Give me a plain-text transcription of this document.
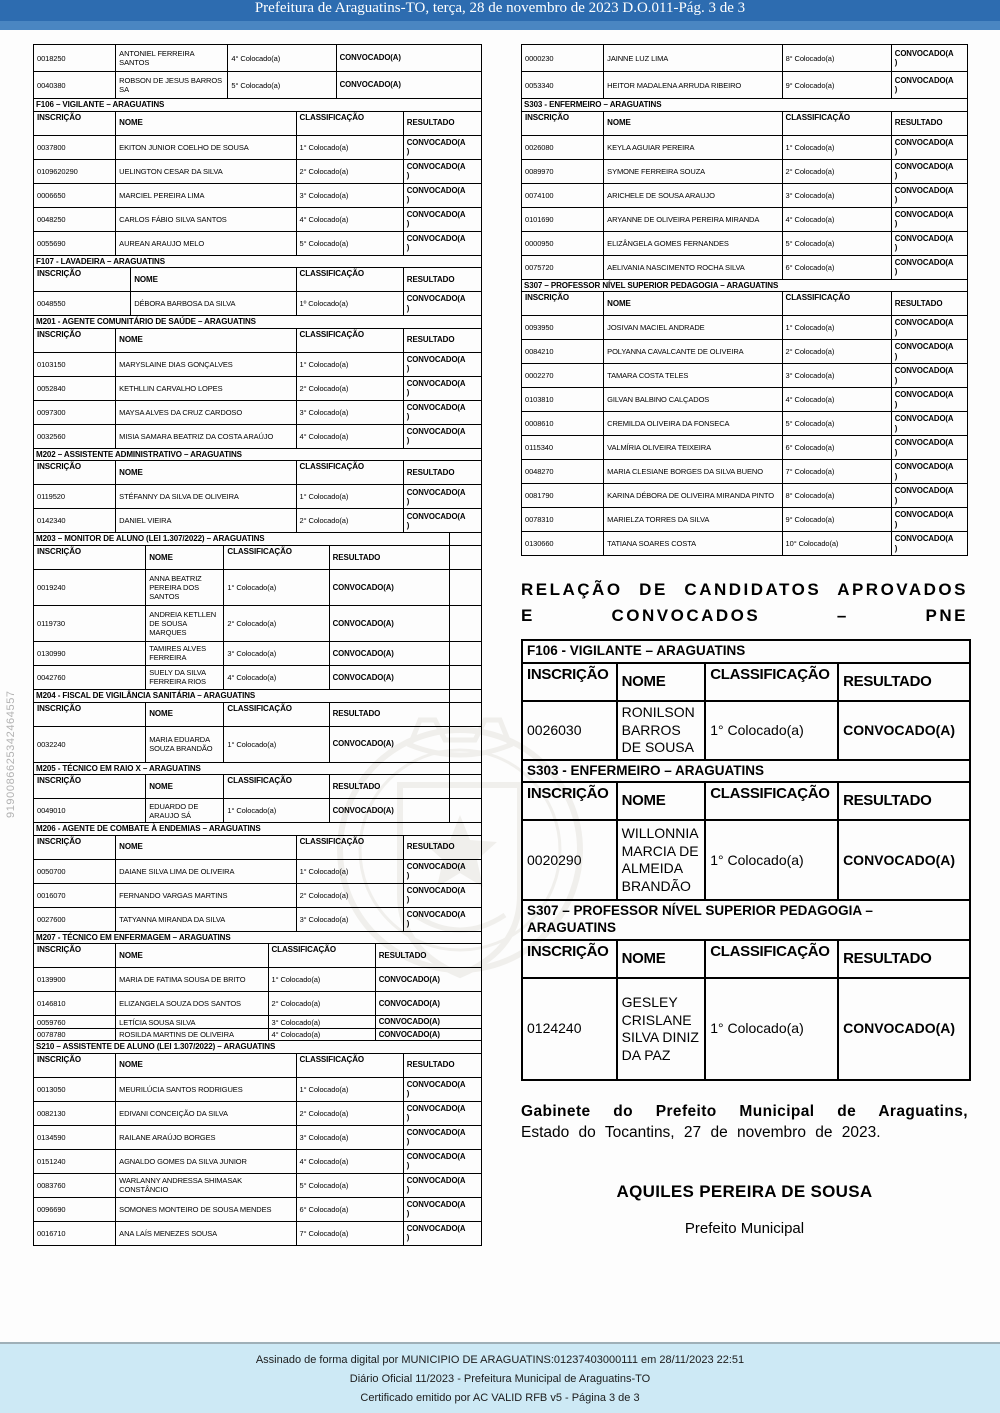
Prefeitura de Araguatins-TO, terça, 28 de novembro de 2023 D.O.011-Pág. 3 de 3
9190086625342464557
0018250	ANTONIEL FERREIRA SANTOS	4° Colocado(a)	CONVOCADO(A)
0040380	ROBSON DE JESUS BARROS SA	5° Colocado(a)	CONVOCADO(A)
F106 – VIGILANTE – ARAGUATINS			
INSCRIÇÃO	NOME	CLASSIFICAÇÃO	RESULTADO
0037800	EKITON JUNIOR COELHO DE SOUSA	1° Colocado(a)	CONVOCADO(A
)
0109620290	UELINGTON CESAR DA SILVA	2° Colocado(a)	CONVOCADO(A
)
0006650	MARCIEL PEREIRA LIMA	3° Colocado(a)	CONVOCADO(A
)
0048250	CARLOS FÁBIO SILVA SANTOS	4° Colocado(a)	CONVOCADO(A
)
0055690	AUREAN ARAUJO MELO	5° Colocado(a)	CONVOCADO(A
)
F107 - LAVADEIRA – ARAGUATINS			
INSCRIÇÃO	NOME	CLASSIFICAÇÃO	RESULTADO
0048550	DÉBORA BARBOSA DA SILVA	1º Colocado(a)	CONVOCADO(A
)
M201 - AGENTE COMUNITÁRIO DE SAÚDE – ARAGUATINS			
INSCRIÇÃO	NOME	CLASSIFICAÇÃO	RESULTADO
0103150	MARYSLAINE DIAS GONÇALVES	1° Colocado(a)	CONVOCADO(A
)
0052840	KETHLLIN CARVALHO LOPES	2° Colocado(a)	CONVOCADO(A
)
0097300	MAYSA ALVES DA CRUZ CARDOSO	3° Colocado(a)	CONVOCADO(A
)
0032560	MISIA SAMARA BEATRIZ DA COSTA ARAÚJO	4° Colocado(a)	CONVOCADO(A
)
M202 – ASSISTENTE ADMINISTRATIVO – ARAGUATINS			
INSCRIÇÃO	NOME	CLASSIFICAÇÃO	RESULTADO
0119520	STÉFANNY DA SILVA DE OLIVEIRA	1° Colocado(a)	CONVOCADO(A
)
0142340	DANIEL VIEIRA	2° Colocado(a)	CONVOCADO(A
)
M203 – MONITOR DE ALUNO (LEI 1.307/2022) – ARAGUATINS				
INSCRIÇÃO	NOME	CLASSIFICAÇÃO	RESULTADO	
0019240	ANNA BEATRIZ PEREIRA DOS SANTOS	1° Colocado(a)	CONVOCADO(A)	
0119730	ANDREIA KETLLEN DE SOUSA MARQUES	2° Colocado(a)	CONVOCADO(A)	
0130990	TAMIRES ALVES FERREIRA	3° Colocado(a)	CONVOCADO(A)	
0042760	SUELY DA SILVA FERREIRA RIOS	4° Colocado(a)	CONVOCADO(A)	
M204 - FISCAL DE VIGILÂNCIA SANITÁRIA – ARAGUATINS				
INSCRIÇÃO	NOME	CLASSIFICAÇÃO	RESULTADO	
0032240	MARIA EDUARDA SOUZA BRANDÃO	1° Colocado(a)	CONVOCADO(A)	
M205 - TÉCNICO EM RAIO X – ARAGUATINS				
INSCRIÇÃO	NOME	CLASSIFICAÇÃO	RESULTADO	
0049010	EDUARDO DE ARAUJO SÁ	1° Colocado(a)	CONVOCADO(A)	
M206 - AGENTE DE COMBATE À ENDEMIAS – ARAGUATINS			
INSCRIÇÃO	NOME	CLASSIFICAÇÃO	RESULTADO
0050700	DAIANE SILVA LIMA DE OLIVEIRA	1° Colocado(a)	CONVOCADO(A
)
0016070	FERNANDO VARGAS MARTINS	2° Colocado(a)	CONVOCADO(A
)
0027600	TATYANNA MIRANDA DA SILVA	3° Colocado(a)	CONVOCADO(A
)
M207 - TÉCNICO EM ENFERMAGEM – ARAGUATINS			
INSCRIÇÃO	NOME	CLASSIFICAÇÃO	RESULTADO
0139900	MARIA DE FATIMA SOUSA DE BRITO	1° Colocado(a)	CONVOCADO(A)
0146810	ELIZANGELA SOUZA DOS SANTOS	2° Colocado(a)	CONVOCADO(A)
0059760	LETÍCIA SOUSA SILVA	3° Colocado(a)	CONVOCADO(A)
0078780	ROSILDA MARTINS DE OLIVEIRA	4° Colocado(a)	CONVOCADO(A)
S210 – ASSISTENTE DE ALUNO (LEI 1.307/2022) – ARAGUATINS			
INSCRIÇÃO	NOME	CLASSIFICAÇÃO	RESULTADO
0013050	MEURILÚCIA SANTOS RODRIGUES	1° Colocado(a)	CONVOCADO(A
)
0082130	EDIVANI CONCEIÇÃO DA SILVA	2° Colocado(a)	CONVOCADO(A
)
0134590	RAILANE ARAÚJO BORGES	3° Colocado(a)	CONVOCADO(A
)
0151240	AGNALDO GOMES DA SILVA JUNIOR	4° Colocado(a)	CONVOCADO(A
)
0083760	WARLANNY ANDRESSA SHIMASAK CONSTÂNCIO	5° Colocado(a)	CONVOCADO(A
)
0096690	SOMONES MONTEIRO DE SOUSA MENDES	6° Colocado(a)	CONVOCADO(A
)
0016710	ANA LAÍS MENEZES SOUSA	7° Colocado(a)	CONVOCADO(A
)
0000230	JAINNE LUZ LIMA	8° Colocado(a)	CONVOCADO(A
)
0053340	HEITOR MADALENA ARRUDA RIBEIRO	9° Colocado(a)	CONVOCADO(A
)
S303 - ENFERMEIRO – ARAGUATINS			
INSCRIÇÃO	NOME	CLASSIFICAÇÃO	RESULTADO
0026080	KEYLA AGUIAR PEREIRA	1° Colocado(a)	CONVOCADO(A
)
0089970	SYMONE FERREIRA SOUZA	2° Colocado(a)	CONVOCADO(A
)
0074100	ARICHELE DE SOUSA ARAUJO	3° Colocado(a)	CONVOCADO(A
)
0101690	ARYANNE DE OLIVEIRA PEREIRA MIRANDA	4° Colocado(a)	CONVOCADO(A
)
0000950	ELIZÂNGELA GOMES FERNANDES	5° Colocado(a)	CONVOCADO(A
)
0075720	AELIVANIA NASCIMENTO ROCHA SILVA	6° Colocado(a)	CONVOCADO(A
)
S307 – PROFESSOR NÍVEL SUPERIOR PEDAGOGIA – ARAGUATINS			
INSCRIÇÃO	NOME	CLASSIFICAÇÃO	RESULTADO
0093950	JOSIVAN MACIEL ANDRADE	1° Colocado(a)	CONVOCADO(A
)
0084210	POLYANNA CAVALCANTE DE OLIVEIRA	2° Colocado(a)	CONVOCADO(A
)
0002270	TAMARA COSTA TELES	3° Colocado(a)	CONVOCADO(A
)
0103810	GILVAN BALBINO CALÇADOS	4° Colocado(a)	CONVOCADO(A
)
0008610	CREMILDA OLIVEIRA DA FONSECA	5° Colocado(a)	CONVOCADO(A
)
0115340	VALMÍRIA OLIVEIRA TEIXEIRA	6° Colocado(a)	CONVOCADO(A
)
0048270	MARIA CLESIANE BORGES DA SILVA BUENO	7° Colocado(a)	CONVOCADO(A
)
0081790	KARINA DÉBORA DE OLIVEIRA MIRANDA PINTO	8° Colocado(a)	CONVOCADO(A
)
0078310	MARIELZA TORRES DA SILVA	9° Colocado(a)	CONVOCADO(A
)
0130660	TATIANA SOARES COSTA	10° Colocado(a)	CONVOCADO(A
)
RELAÇÃO DE CANDIDATOS APROVADOS E CONVOCADOS – PNE
F106 - VIGILANTE – ARAGUATINS			
INSCRIÇÃO	NOME	CLASSIFICAÇÃO	RESULTADO
0026030	RONILSON BARROS DE SOUSA	1° Colocado(a)	CONVOCADO(A)
S303 - ENFERMEIRO – ARAGUATINS			
INSCRIÇÃO	NOME	CLASSIFICAÇÃO	RESULTADO
0020290	WILLONNIA MARCIA DE ALMEIDA BRANDÃO	1° Colocado(a)	CONVOCADO(A)
S307 – PROFESSOR NÍVEL SUPERIOR PEDAGOGIA – ARAGUATINS			
INSCRIÇÃO	NOME	CLASSIFICAÇÃO	RESULTADO
0124240	GESLEY CRISLANE SILVA DINIZ DA PAZ	1° Colocado(a)	CONVOCADO(A)

Gabinete do Prefeito Municipal de Araguatins,
Estado do Tocantins, 27 de novembro de 2023.

AQUILES PEREIRA DE SOUSA
Prefeito Municipal
Assinado de forma digital por MUNICIPIO DE ARAGUATINS:01237403000111 em 28/11/2023 22:51
Diário Oficial 11/2023 - Prefeitura Municipal de Araguatins-TO
Certificado emitido por AC VALID RFB v5 - Página 3 de 3
